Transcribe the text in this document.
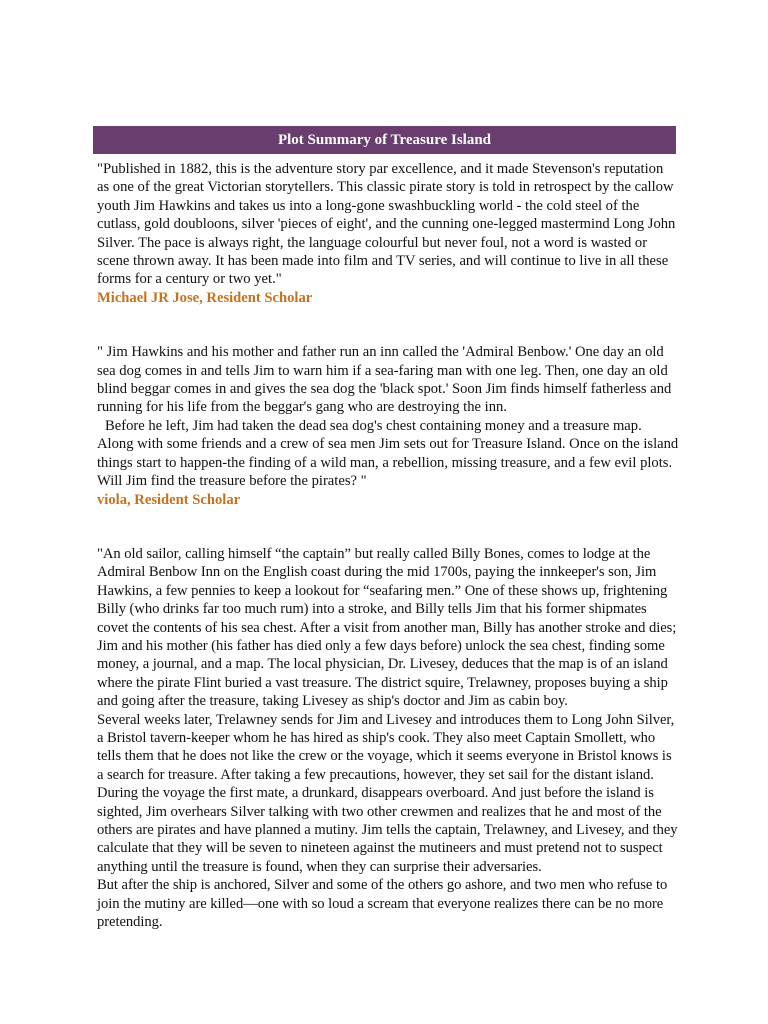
Plot Summary of Treasure Island

"Published in 1882, this is the adventure story par excellence, and it made Stevenson's reputation as one of the great Victorian storytellers. This classic pirate story is told in retrospect by the callow youth Jim Hawkins and takes us into a long-gone swashbuckling world - the cold steel of the cutlass, gold doubloons, silver 'pieces of eight', and the cunning one-legged mastermind Long John Silver. The pace is always right, the language colourful but never foul, not a word is wasted or scene thrown away. It has been made into film and TV series, and will continue to live in all these forms for a century or two yet."

Michael JR Jose, Resident Scholar

" Jim Hawkins and his mother and father run an inn called the 'Admiral Benbow.' One day an old sea dog comes in and tells Jim to warn him if a sea-faring man with one leg. Then, one day an old blind beggar comes in and gives the sea dog the 'black spot.' Soon Jim finds himself fatherless and running for his life from the beggar's gang who are destroying the inn.

Before he left, Jim had taken the dead sea dog's chest containing money and a treasure map. Along with some friends and a crew of sea men Jim sets out for Treasure Island. Once on the island things start to happen-the finding of a wild man, a rebellion, missing treasure, and a few evil plots. Will Jim find the treasure before the pirates? "

viola, Resident Scholar

"An old sailor, calling himself “the captain” but really called Billy Bones, comes to lodge at the Admiral Benbow Inn on the English coast during the mid 1700s, paying the innkeeper's son, Jim Hawkins, a few pennies to keep a lookout for “seafaring men.” One of these shows up, frightening Billy (who drinks far too much rum) into a stroke, and Billy tells Jim that his former shipmates covet the contents of his sea chest. After a visit from another man, Billy has another stroke and dies; Jim and his mother (his father has died only a few days before) unlock the sea chest, finding some money, a journal, and a map. The local physician, Dr. Livesey, deduces that the map is of an island where the pirate Flint buried a vast treasure. The district squire, Trelawney, proposes buying a ship and going after the treasure, taking Livesey as ship's doctor and Jim as cabin boy.

Several weeks later, Trelawney sends for Jim and Livesey and introduces them to Long John Silver, a Bristol tavern-keeper whom he has hired as ship's cook. They also meet Captain Smollett, who tells them that he does not like the crew or the voyage, which it seems everyone in Bristol knows is a search for treasure. After taking a few precautions, however, they set sail for the distant island. During the voyage the first mate, a drunkard, disappears overboard. And just before the island is sighted, Jim overhears Silver talking with two other crewmen and realizes that he and most of the others are pirates and have planned a mutiny. Jim tells the captain, Trelawney, and Livesey, and they calculate that they will be seven to nineteen against the mutineers and must pretend not to suspect anything until the treasure is found, when they can surprise their adversaries.

But after the ship is anchored, Silver and some of the others go ashore, and two men who refuse to join the mutiny are killed—one with so loud a scream that everyone realizes there can be no more pretending.
